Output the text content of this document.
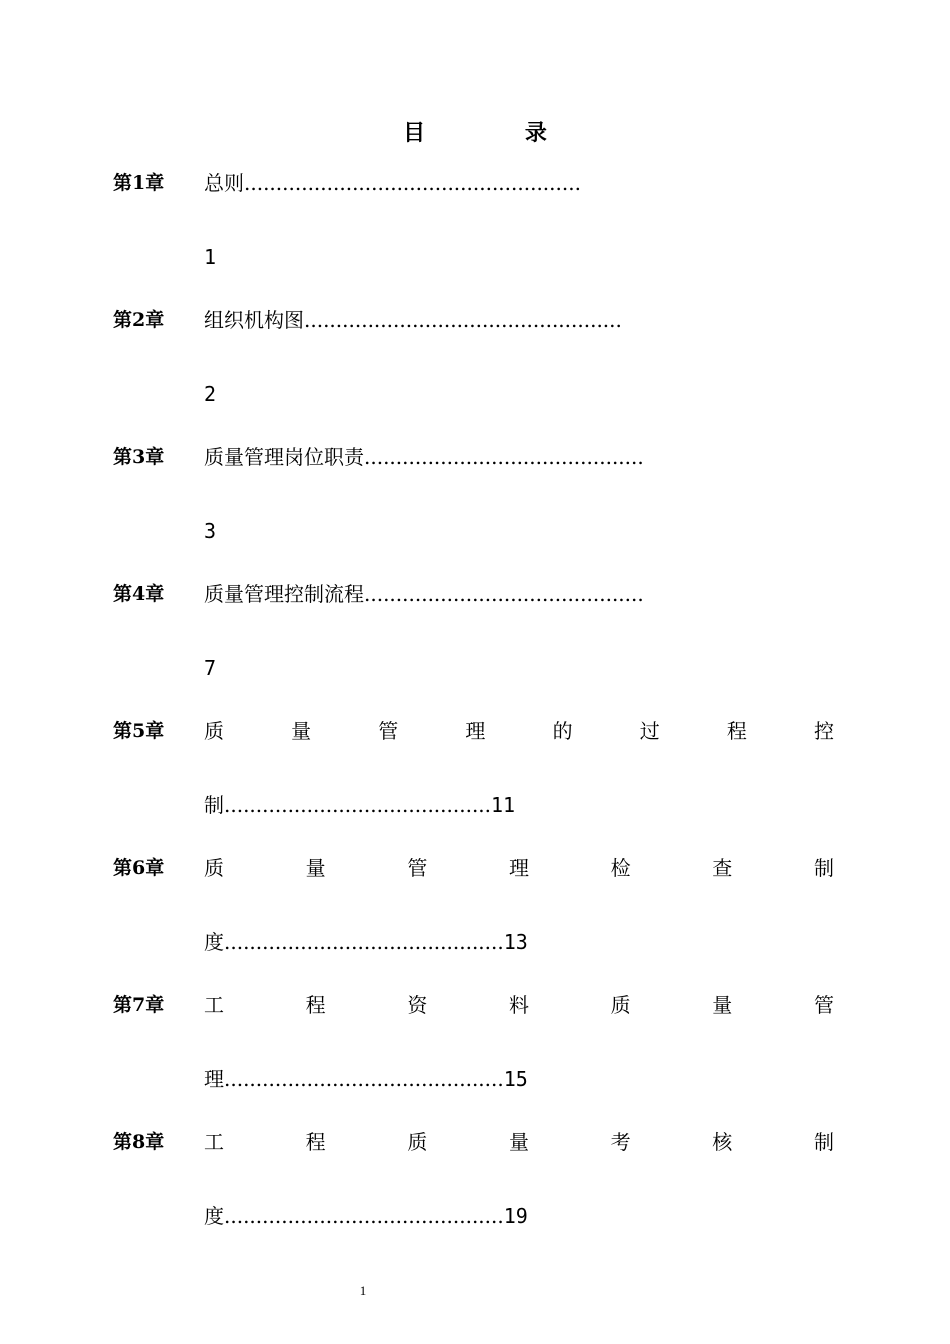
目 录
第1章 总则.....................................................
1
第2章 组织机构图..................................................
2
第3章 质量管理岗位职责............................................
3
第4章 质量管理控制流程............................................
7
第5章 质	量	管	理	的	过	程	控
制..........................................11
第6章 质	量	管	理	检	查	制
度............................................13
第7章 工	程	资	料	质	量	管
理............................................15
第8章 工	程	质	量	考	核	制
度............................................19
1
